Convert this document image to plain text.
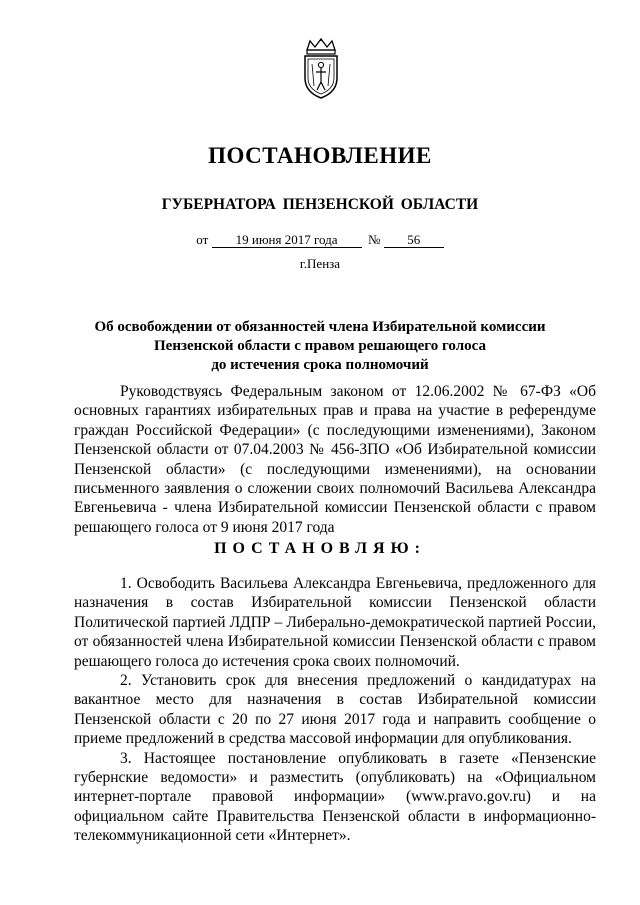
ПОСТАНОВЛЕНИЕ
ГУБЕРНАТОРА ПЕНЗЕНСКОЙ ОБЛАСТИ
от 19 июня 2017 года № 56
г.Пенза
Об освобождении от обязанностей члена Избирательной комиссии
Пензенской области с правом решающего голоса
до истечения срока полномочий

Руководствуясь Федеральным законом от 12.06.2002 № 67-ФЗ «Об основных гарантиях избирательных прав и права на участие в референдуме граждан Российской Федерации» (с последующими изменениями), Законом Пензенской области от 07.04.2003 № 456-ЗПО «Об Избирательной комиссии Пензенской области» (с последующими изменениями), на основании письменного заявления о сложении своих полномочий Васильева Александра Евгеньевича - члена Избирательной комиссии Пензенской области с правом решающего голоса от 9 июня 2017 года

ПОСТАНОВЛЯЮ:

1. Освободить Васильева Александра Евгеньевича, предложенного для назначения в состав Избирательной комиссии Пензенской области Политической партией ЛДПР – Либерально-демократической партией России, от обязанностей члена Избирательной комиссии Пензенской области с правом решающего голоса до истечения срока своих полномочий.

2. Установить срок для внесения предложений о кандидатурах на вакантное место для назначения в состав Избирательной комиссии Пензенской области с 20 по 27 июня 2017 года и направить сообщение о приеме предложений в средства массовой информации для опубликования.

3. Настоящее постановление опубликовать в газете «Пензенские губернские ведомости» и разместить (опубликовать) на «Официальном интернет-портале правовой информации» (www.pravo.gov.ru) и на официальном сайте Правительства Пензенской области в информационно-телекоммуникационной сети «Интернет».
